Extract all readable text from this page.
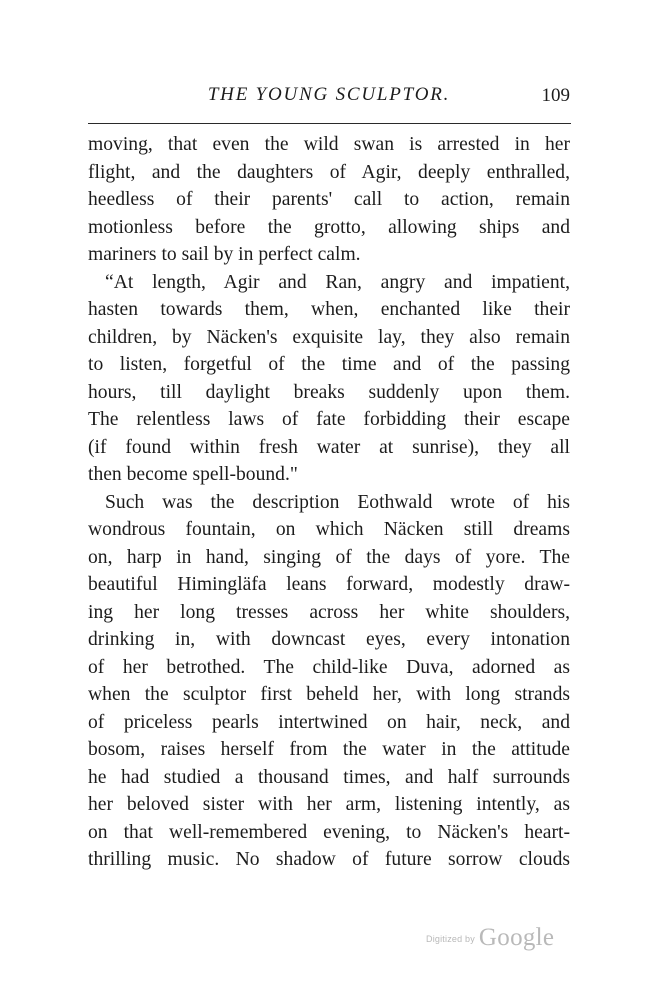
THE YOUNG SCULPTOR.	109
moving, that even the wild swan is arrested in her
flight, and the daughters of Agir, deeply enthralled,
heedless of their parents' call to action, remain
motionless before the grotto, allowing ships and
mariners to sail by in perfect calm.
“At length, Agir and Ran, angry and impatient,
hasten towards them, when, enchanted like their
children, by Näcken's exquisite lay, they also remain
to listen, forgetful of the time and of the passing
hours, till daylight breaks suddenly upon them.
The relentless laws of fate forbidding their escape
(if found within fresh water at sunrise), they all
then become spell-bound."
Such was the description Eothwald wrote of his
wondrous fountain, on which Näcken still dreams
on, harp in hand, singing of the days of yore. The
beautiful Himingläfa leans forward, modestly draw-
ing her long tresses across her white shoulders,
drinking in, with downcast eyes, every intonation
of her betrothed. The child-like Duva, adorned as
when the sculptor first beheld her, with long strands
of priceless pearls intertwined on hair, neck, and
bosom, raises herself from the water in the attitude
he had studied a thousand times, and half surrounds
her beloved sister with her arm, listening intently, as
on that well-remembered evening, to Näcken's heart-
thrilling music. No shadow of future sorrow clouds
Digitized by Google
